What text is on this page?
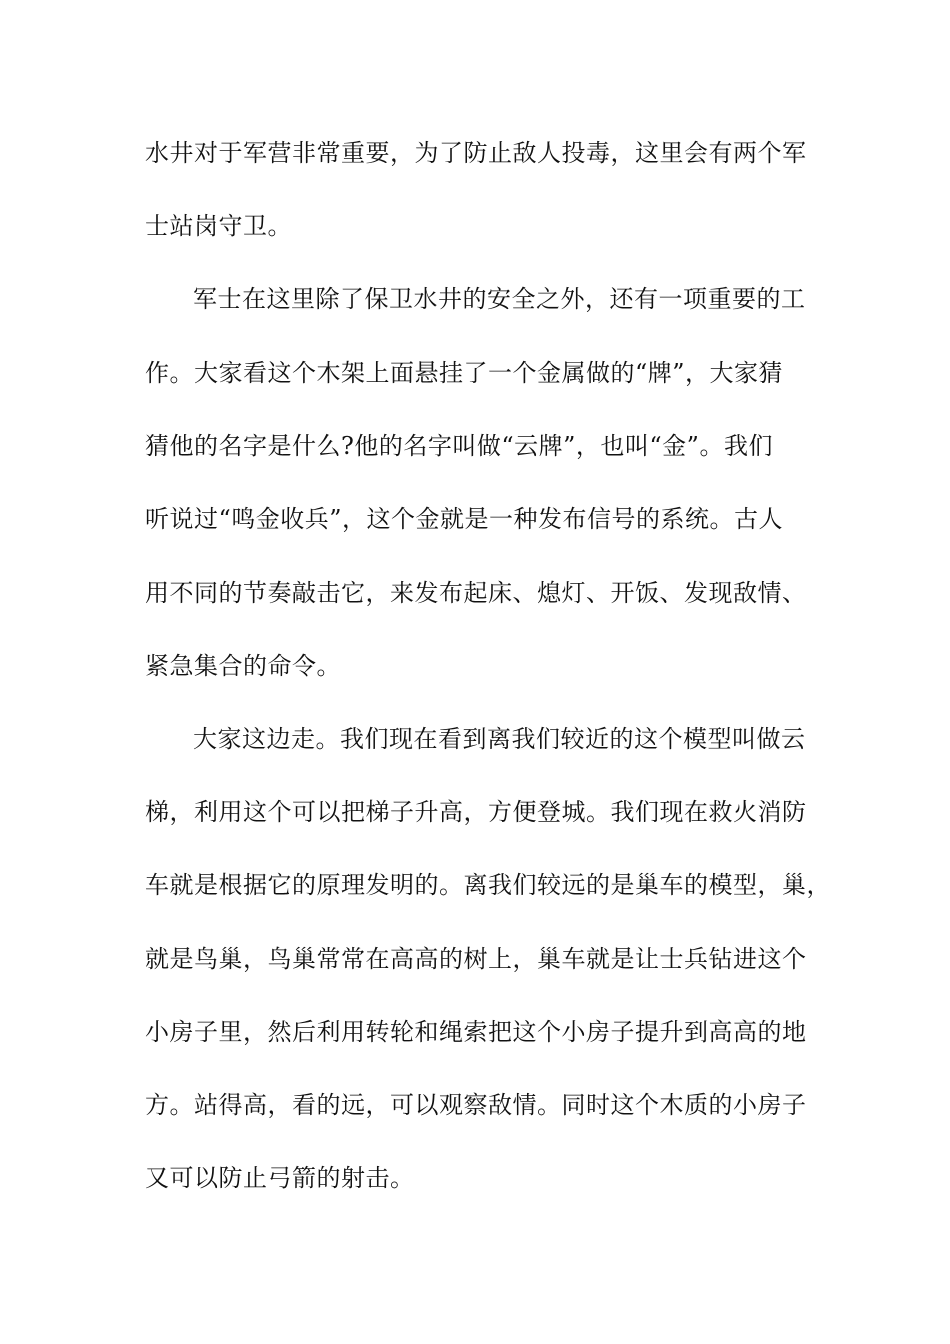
水井对于军营非常重要，为了防止敌人投毒，这里会有两个军
士站岗守卫。
军士在这里除了保卫水井的安全之外，还有一项重要的工
作。大家看这个木架上面悬挂了一个金属做的“牌”，大家猜
猜他的名字是什么?他的名字叫做“云牌”，也叫“金”。我们
听说过“鸣金收兵”，这个金就是一种发布信号的系统。古人
用不同的节奏敲击它，来发布起床、熄灯、开饭、发现敌情、
紧急集合的命令。
大家这边走。我们现在看到离我们较近的这个模型叫做云
梯，利用这个可以把梯子升高，方便登城。我们现在救火消防
车就是根据它的原理发明的。离我们较远的是巢车的模型，巢，
就是鸟巢，鸟巢常常在高高的树上，巢车就是让士兵钻进这个
小房子里，然后利用转轮和绳索把这个小房子提升到高高的地
方。站得高，看的远，可以观察敌情。同时这个木质的小房子
又可以防止弓箭的射击。
